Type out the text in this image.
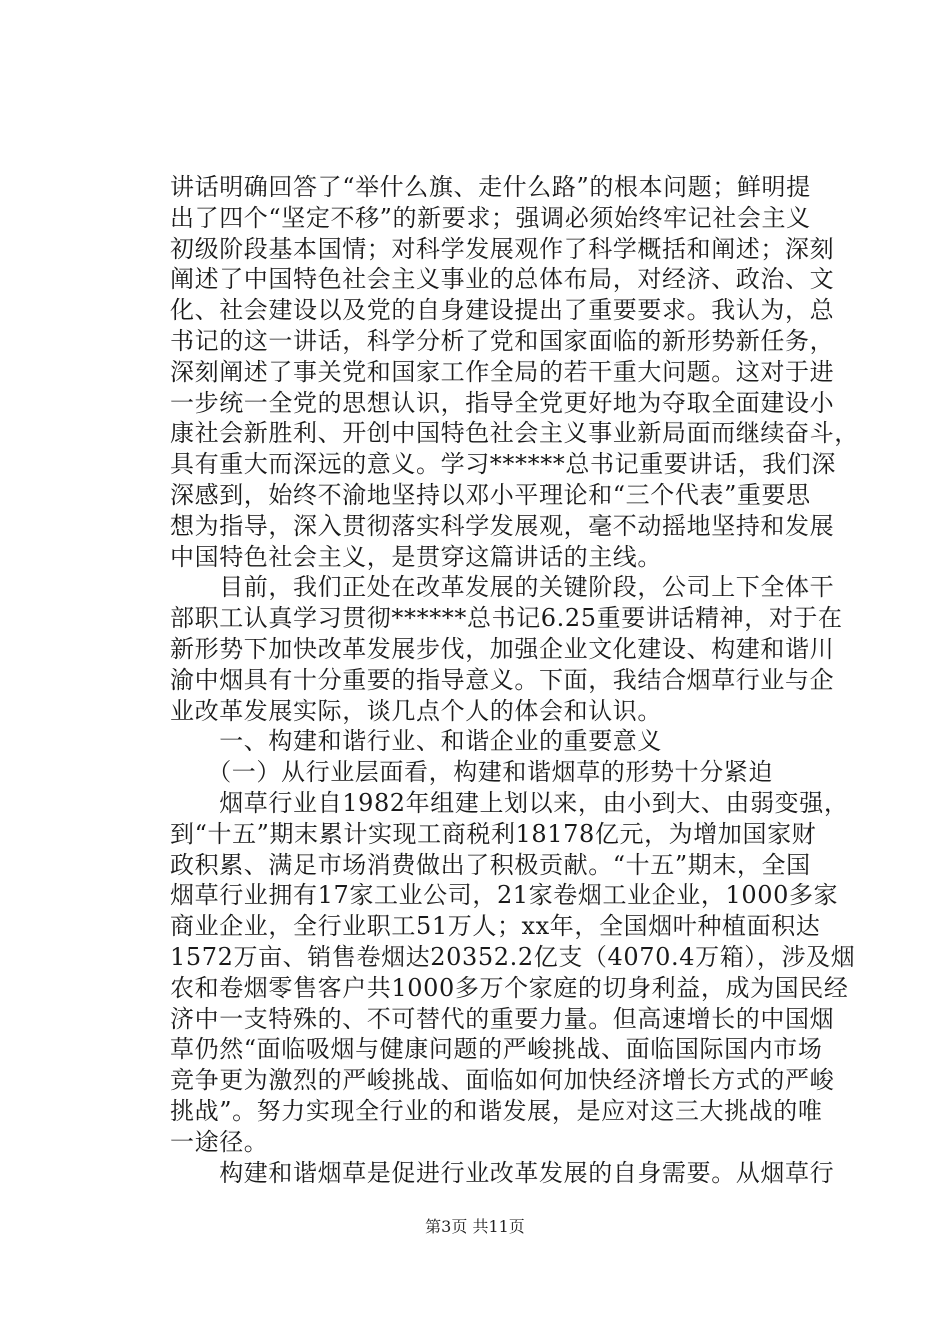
讲话明确回答了“举什么旗、走什么路”的根本问题；鲜明提
出了四个“坚定不移”的新要求；强调必须始终牢记社会主义
初级阶段基本国情；对科学发展观作了科学概括和阐述；深刻
阐述了中国特色社会主义事业的总体布局，对经济、政治、文
化、社会建设以及党的自身建设提出了重要要求。我认为，总
书记的这一讲话，科学分析了党和国家面临的新形势新任务，
深刻阐述了事关党和国家工作全局的若干重大问题。这对于进
一步统一全党的思想认识，指导全党更好地为夺取全面建设小
康社会新胜利、开创中国特色社会主义事业新局面而继续奋斗，
具有重大而深远的意义。学习******总书记重要讲话，我们深
深感到，始终不渝地坚持以邓小平理论和“三个代表”重要思
想为指导，深入贯彻落实科学发展观，毫不动摇地坚持和发展
中国特色社会主义，是贯穿这篇讲话的主线。
　　目前，我们正处在改革发展的关键阶段，公司上下全体干
部职工认真学习贯彻******总书记6.25重要讲话精神，对于在
新形势下加快改革发展步伐，加强企业文化建设、构建和谐川
渝中烟具有十分重要的指导意义。下面，我结合烟草行业与企
业改革发展实际，谈几点个人的体会和认识。
　　一、构建和谐行业、和谐企业的重要意义
　　（一）从行业层面看，构建和谐烟草的形势十分紧迫
　　烟草行业自1982年组建上划以来，由小到大、由弱变强，
到“十五”期末累计实现工商税利18178亿元，为增加国家财
政积累、满足市场消费做出了积极贡献。“十五”期末，全国
烟草行业拥有17家工业公司，21家卷烟工业企业，1000多家
商业企业，全行业职工51万人；xx年，全国烟叶种植面积达
1572万亩、销售卷烟达20352.2亿支（4070.4万箱），涉及烟
农和卷烟零售客户共1000多万个家庭的切身利益，成为国民经
济中一支特殊的、不可替代的重要力量。但高速增长的中国烟
草仍然“面临吸烟与健康问题的严峻挑战、面临国际国内市场
竞争更为激烈的严峻挑战、面临如何加快经济增长方式的严峻
挑战”。努力实现全行业的和谐发展，是应对这三大挑战的唯
一途径。
　　构建和谐烟草是促进行业改革发展的自身需要。从烟草行
第3页 共11页
